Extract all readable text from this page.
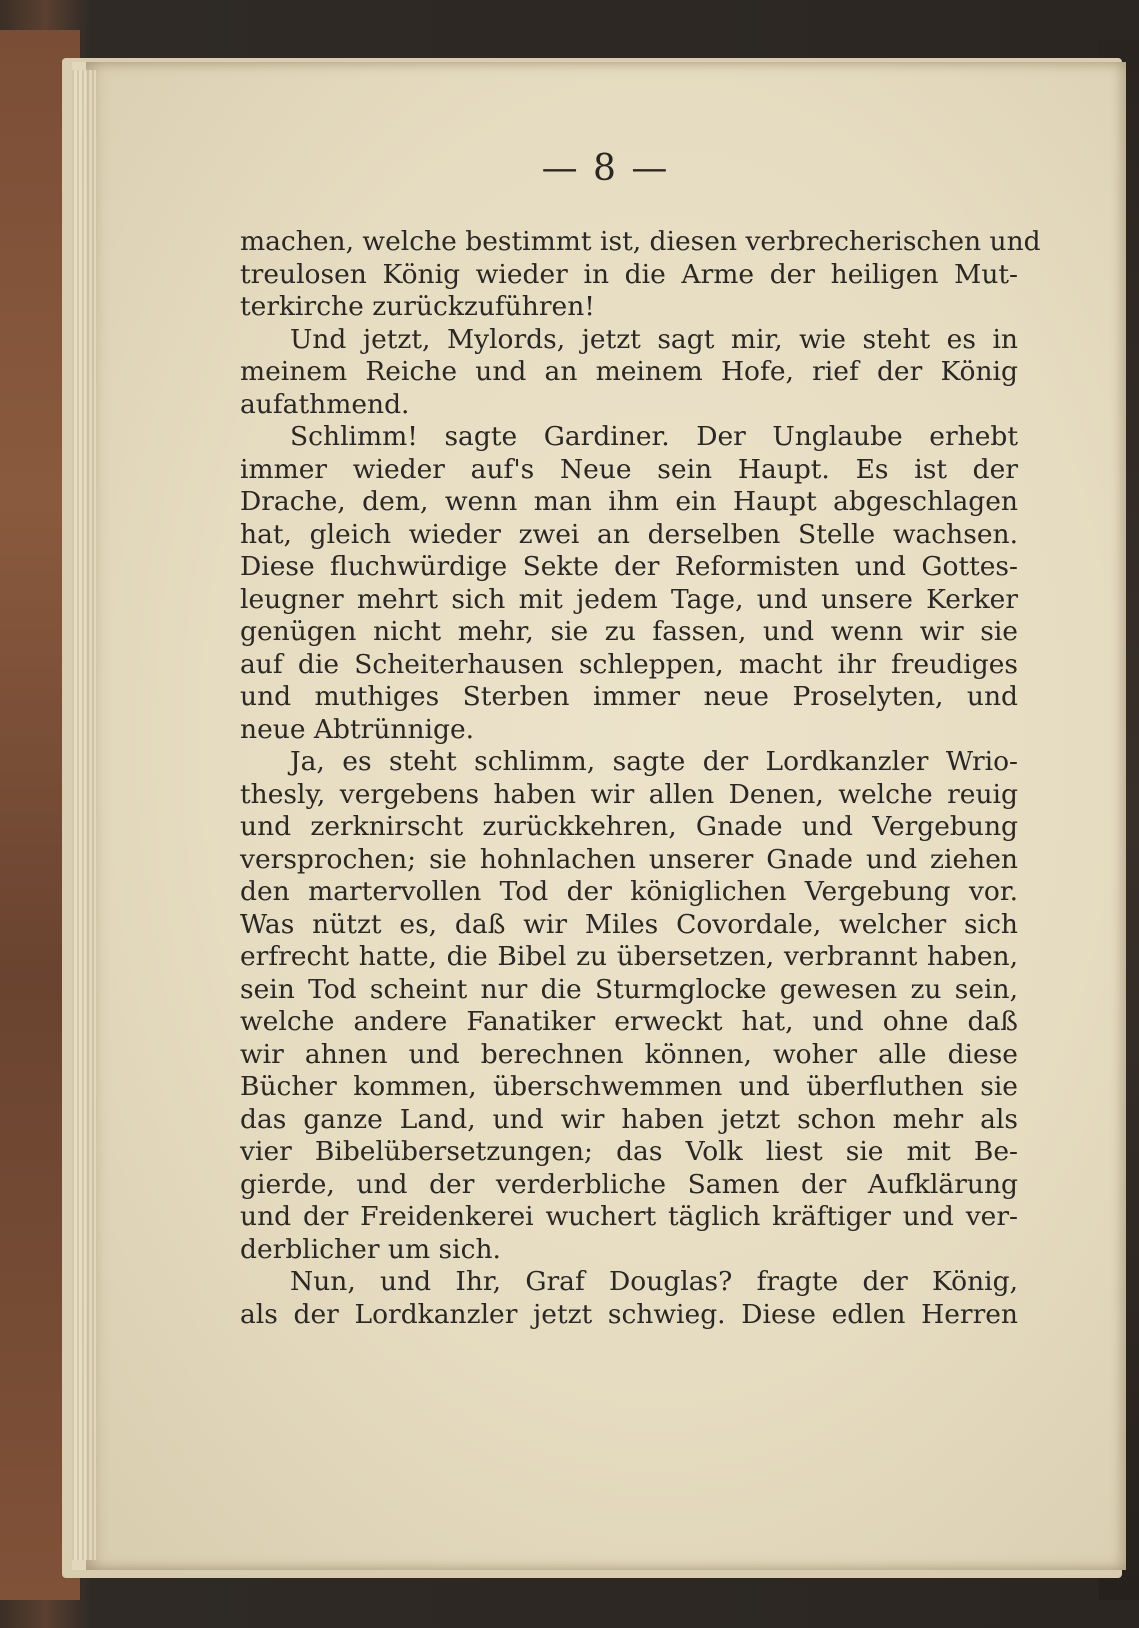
— 8 —
machen, welche bestimmt ist, diesen verbrecherischen und
treulosen König wieder in die Arme der heiligen Mut-
terkirche zurückzuführen!
Und jetzt, Mylords, jetzt sagt mir, wie steht es in
meinem Reiche und an meinem Hofe, rief der König
aufathmend.
Schlimm! sagte Gardiner. Der Unglaube erhebt
immer wieder auf's Neue sein Haupt. Es ist der
Drache, dem, wenn man ihm ein Haupt abgeschlagen
hat, gleich wieder zwei an derselben Stelle wachsen.
Diese fluchwürdige Sekte der Reformisten und Gottes-
leugner mehrt sich mit jedem Tage, und unsere Kerker
genügen nicht mehr, sie zu fassen, und wenn wir sie
auf die Scheiterhausen schleppen, macht ihr freudiges
und muthiges Sterben immer neue Proselyten, und
neue Abtrünnige.
Ja, es steht schlimm, sagte der Lordkanzler Wrio-
thesly, vergebens haben wir allen Denen, welche reuig
und zerknirscht zurückkehren, Gnade und Vergebung
versprochen; sie hohnlachen unserer Gnade und ziehen
den martervollen Tod der königlichen Vergebung vor.
Was nützt es, daß wir Miles Covordale, welcher sich
erfrecht hatte, die Bibel zu übersetzen, verbrannt haben,
sein Tod scheint nur die Sturmglocke gewesen zu sein,
welche andere Fanatiker erweckt hat, und ohne daß
wir ahnen und berechnen können, woher alle diese
Bücher kommen, überschwemmen und überfluthen sie
das ganze Land, und wir haben jetzt schon mehr als
vier Bibelübersetzungen; das Volk liest sie mit Be-
gierde, und der verderbliche Samen der Aufklärung
und der Freidenkerei wuchert täglich kräftiger und ver-
derblicher um sich.
Nun, und Ihr, Graf Douglas? fragte der König,
als der Lordkanzler jetzt schwieg. Diese edlen Herren
